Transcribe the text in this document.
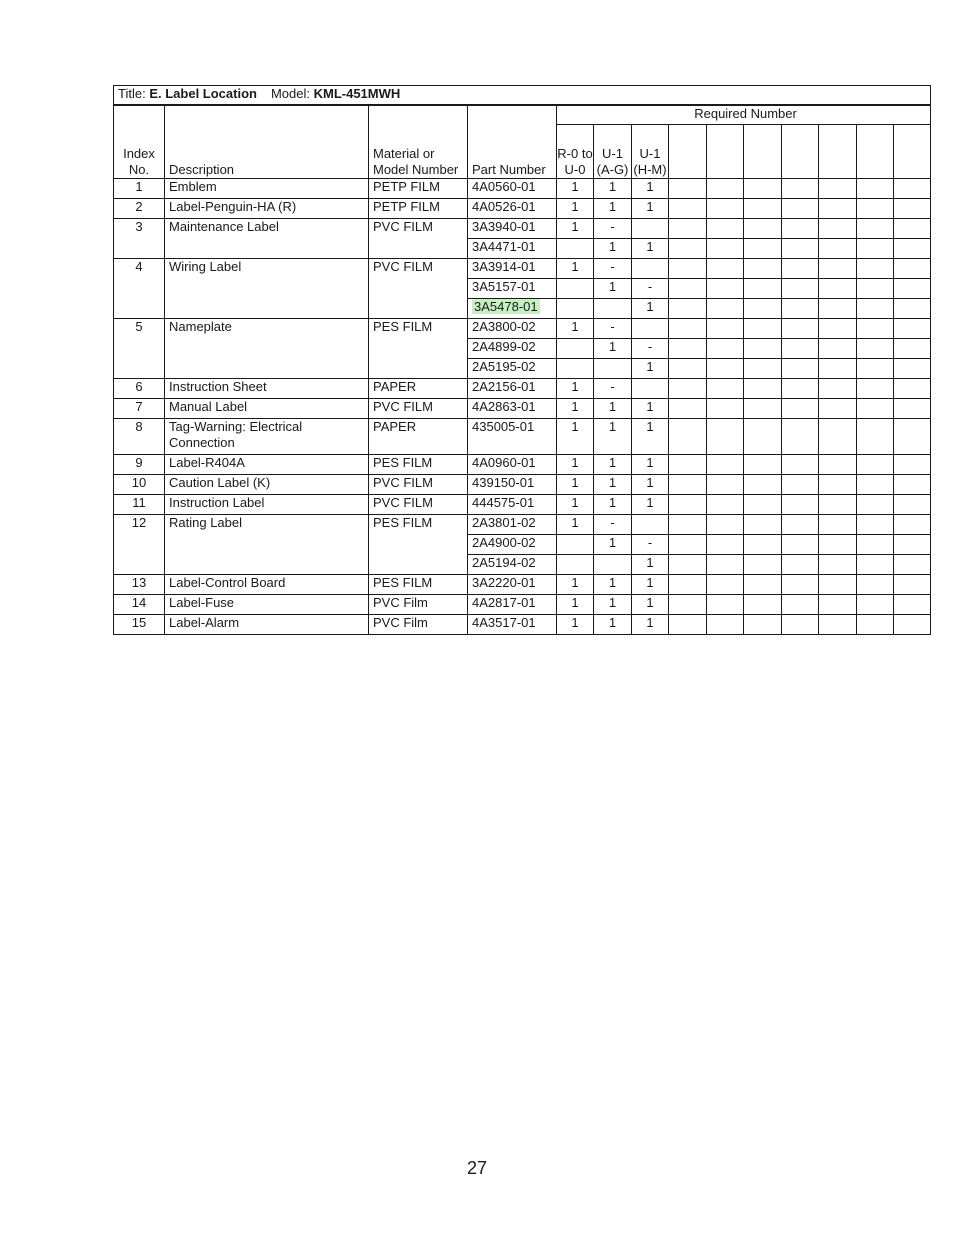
Title: E. Label Location Model: KML-451MWH													
Index No.	Description	Material or Model Number	Part Number	Required Number									
				R-0 to U-0	U-1 (A-G)	U-1 (H-M)							
1	Emblem	PETP FILM	4A0560-01	1	1	1							
2	Label-Penguin-HA (R)	PETP FILM	4A0526-01	1	1	1							
3	Maintenance Label	PVC FILM	3A3940-01	1	-								
			3A4471-01		1	1							
4	Wiring Label	PVC FILM	3A3914-01	1	-								
			3A5157-01		1	-							
			3A5478-01			1							
5	Nameplate	PES FILM	2A3800-02	1	-								
			2A4899-02		1	-							
			2A5195-02			1							
6	Instruction Sheet	PAPER	2A2156-01	1	-								
7	Manual Label	PVC FILM	4A2863-01	1	1	1							
8	Tag-Warning: Electrical Connection	PAPER	435005-01	1	1	1							
9	Label-R404A	PES FILM	4A0960-01	1	1	1							
10	Caution Label (K)	PVC FILM	439150-01	1	1	1							
11	Instruction Label	PVC FILM	444575-01	1	1	1							
12	Rating Label	PES FILM	2A3801-02	1	-								
			2A4900-02		1	-							
			2A5194-02			1							
13	Label-Control Board	PES FILM	3A2220-01	1	1	1							
14	Label-Fuse	PVC Film	4A2817-01	1	1	1							
15	Label-Alarm	PVC Film	4A3517-01	1	1	1							
27
